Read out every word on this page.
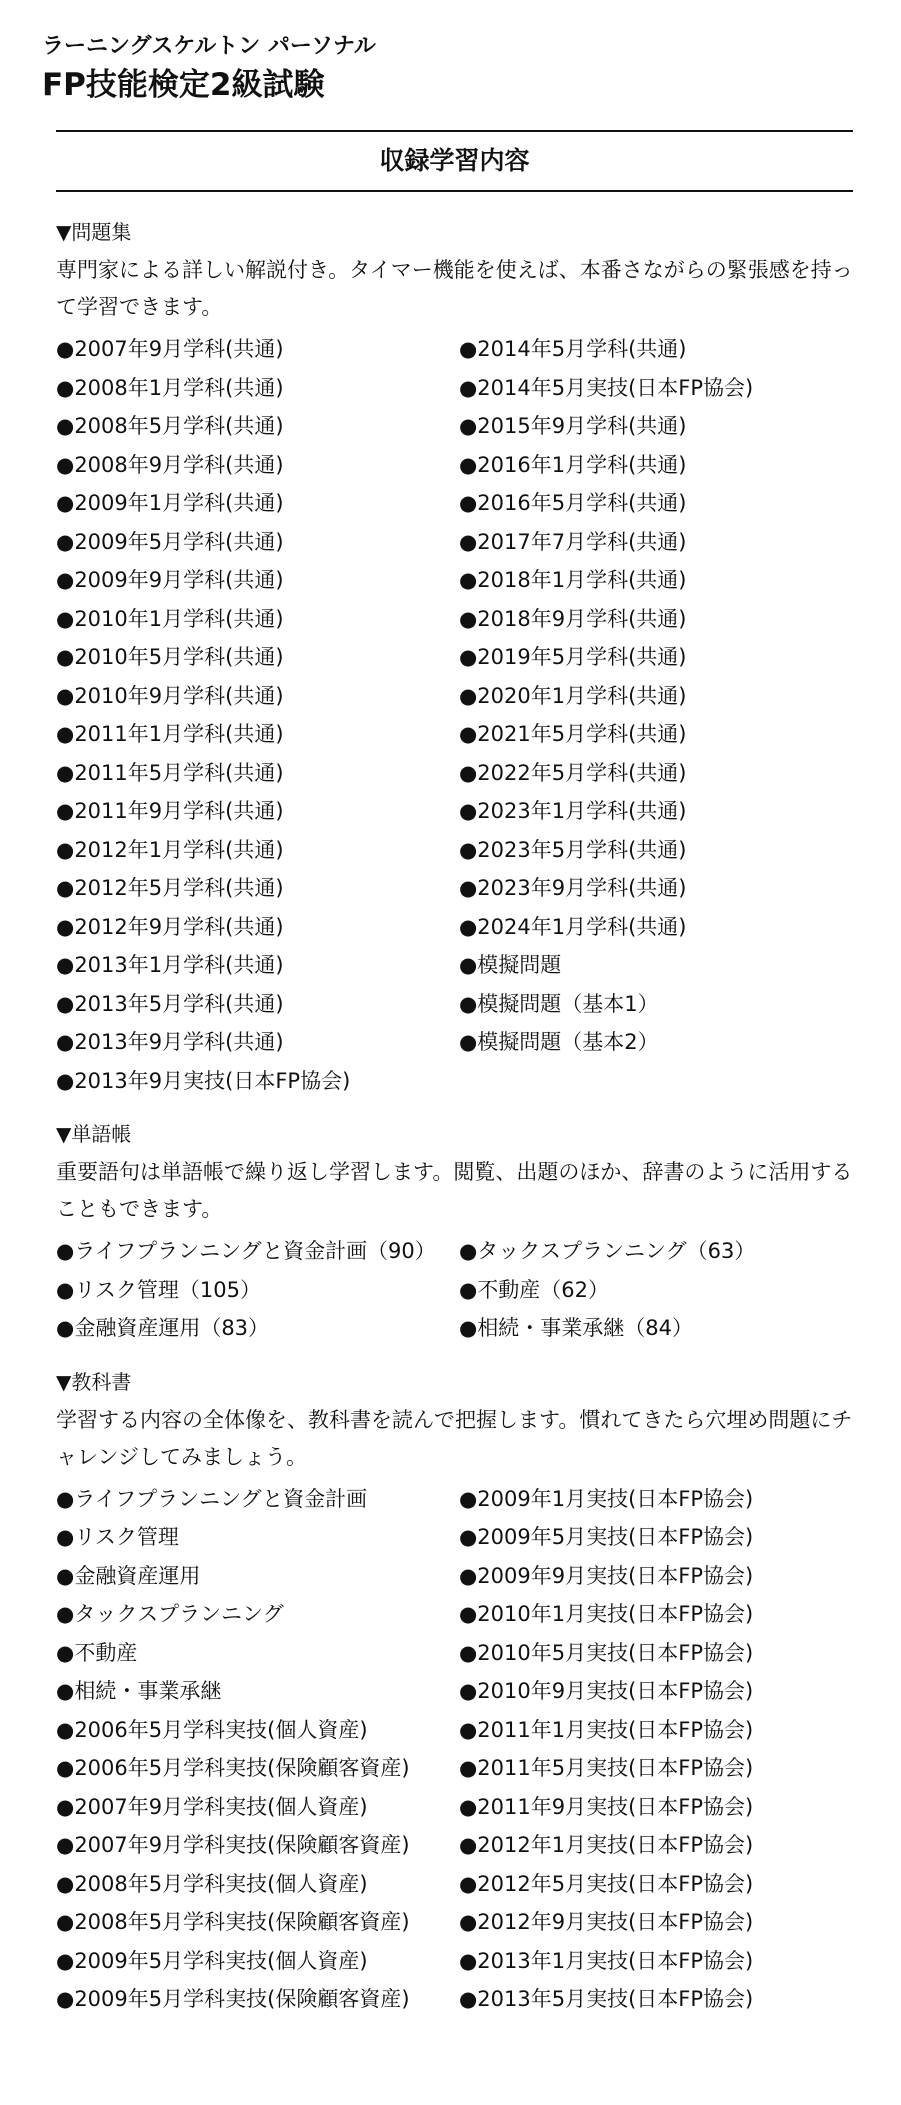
ラーニングスケルトン パーソナル
FP技能検定2級試験
収録学習内容
▼問題集
専門家による詳しい解説付き。タイマー機能を使えば、本番さながらの緊張感を持って学習できます。
●2007年9月学科(共通)
●2008年1月学科(共通)
●2008年5月学科(共通)
●2008年9月学科(共通)
●2009年1月学科(共通)
●2009年5月学科(共通)
●2009年9月学科(共通)
●2010年1月学科(共通)
●2010年5月学科(共通)
●2010年9月学科(共通)
●2011年1月学科(共通)
●2011年5月学科(共通)
●2011年9月学科(共通)
●2012年1月学科(共通)
●2012年5月学科(共通)
●2012年9月学科(共通)
●2013年1月学科(共通)
●2013年5月学科(共通)
●2013年9月学科(共通)
●2013年9月実技(日本FP協会)
●2014年5月学科(共通)
●2014年5月実技(日本FP協会)
●2015年9月学科(共通)
●2016年1月学科(共通)
●2016年5月学科(共通)
●2017年7月学科(共通)
●2018年1月学科(共通)
●2018年9月学科(共通)
●2019年5月学科(共通)
●2020年1月学科(共通)
●2021年5月学科(共通)
●2022年5月学科(共通)
●2023年1月学科(共通)
●2023年5月学科(共通)
●2023年9月学科(共通)
●2024年1月学科(共通)
●模擬問題
●模擬問題（基本1）
●模擬問題（基本2）
▼単語帳
重要語句は単語帳で繰り返し学習します。閲覧、出題のほか、辞書のように活用することもできます。
●ライフプランニングと資金計画（90）
●リスク管理（105）
●金融資産運用（83）
●タックスプランニング（63）
●不動産（62）
●相続・事業承継（84）
▼教科書
学習する内容の全体像を、教科書を読んで把握します。慣れてきたら穴埋め問題にチャレンジしてみましょう。
●ライフプランニングと資金計画
●リスク管理
●金融資産運用
●タックスプランニング
●不動産
●相続・事業承継
●2006年5月学科実技(個人資産)
●2006年5月学科実技(保険顧客資産)
●2007年9月学科実技(個人資産)
●2007年9月学科実技(保険顧客資産)
●2008年5月学科実技(個人資産)
●2008年5月学科実技(保険顧客資産)
●2009年5月学科実技(個人資産)
●2009年5月学科実技(保険顧客資産)
●2009年1月実技(日本FP協会)
●2009年5月実技(日本FP協会)
●2009年9月実技(日本FP協会)
●2010年1月実技(日本FP協会)
●2010年5月実技(日本FP協会)
●2010年9月実技(日本FP協会)
●2011年1月実技(日本FP協会)
●2011年5月実技(日本FP協会)
●2011年9月実技(日本FP協会)
●2012年1月実技(日本FP協会)
●2012年5月実技(日本FP協会)
●2012年9月実技(日本FP協会)
●2013年1月実技(日本FP協会)
●2013年5月実技(日本FP協会)
